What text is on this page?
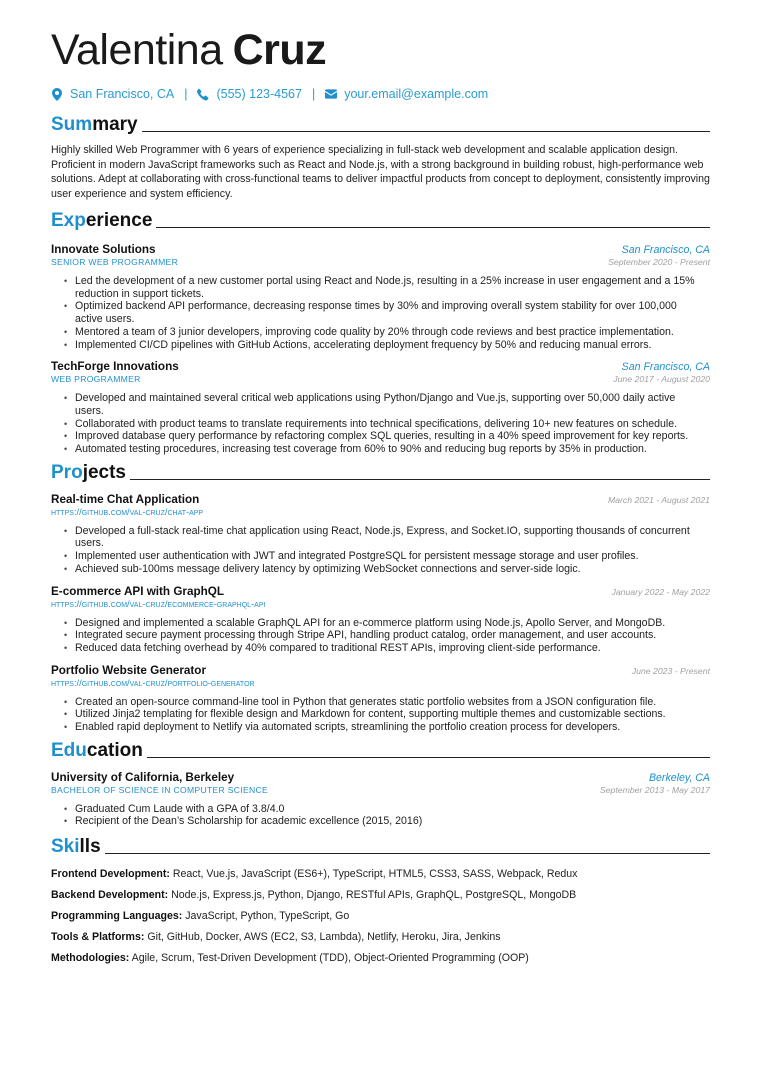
Valentina Cruz
San Francisco, CA | (555) 123-4567 | your.email@example.com
Summary
Highly skilled Web Programmer with 6 years of experience specializing in full-stack web development and scalable application design. Proficient in modern JavaScript frameworks such as React and Node.js, with a strong background in building robust, high-performance web solutions. Adept at collaborating with cross-functional teams to deliver impactful products from concept to deployment, consistently improving user experience and system efficiency.
Experience
Innovate Solutions	San Francisco, CA
SENIOR WEB PROGRAMMER	September 2020 - Present
• Led the development of a new customer portal using React and Node.js, resulting in a 25% increase in user engagement and a 15% reduction in support tickets.
• Optimized backend API performance, decreasing response times by 30% and improving overall system stability for over 100,000 active users.
• Mentored a team of 3 junior developers, improving code quality by 20% through code reviews and best practice implementation.
• Implemented CI/CD pipelines with GitHub Actions, accelerating deployment frequency by 50% and reducing manual errors.
TechForge Innovations	San Francisco, CA
WEB PROGRAMMER	June 2017 - August 2020
• Developed and maintained several critical web applications using Python/Django and Vue.js, supporting over 50,000 daily active users.
• Collaborated with product teams to translate requirements into technical specifications, delivering 10+ new features on schedule.
• Improved database query performance by refactoring complex SQL queries, resulting in a 40% speed improvement for key reports.
• Automated testing procedures, increasing test coverage from 60% to 90% and reducing bug reports by 35% in production.
Projects
Real-time Chat Application	March 2021 - August 2021
https://github.com/val-cruz/chat-app
• Developed a full-stack real-time chat application using React, Node.js, Express, and Socket.IO, supporting thousands of concurrent users.
• Implemented user authentication with JWT and integrated PostgreSQL for persistent message storage and user profiles.
• Achieved sub-100ms message delivery latency by optimizing WebSocket connections and server-side logic.
E-commerce API with GraphQL	January 2022 - May 2022
https://github.com/val-cruz/ecommerce-graphql-api
• Designed and implemented a scalable GraphQL API for an e-commerce platform using Node.js, Apollo Server, and MongoDB.
• Integrated secure payment processing through Stripe API, handling product catalog, order management, and user accounts.
• Reduced data fetching overhead by 40% compared to traditional REST APIs, improving client-side performance.
Portfolio Website Generator	June 2023 - Present
https://github.com/val-cruz/portfolio-generator
• Created an open-source command-line tool in Python that generates static portfolio websites from a JSON configuration file.
• Utilized Jinja2 templating for flexible design and Markdown for content, supporting multiple themes and customizable sections.
• Enabled rapid deployment to Netlify via automated scripts, streamlining the portfolio creation process for developers.
Education
University of California, Berkeley	Berkeley, CA
BACHELOR OF SCIENCE IN COMPUTER SCIENCE	September 2013 - May 2017
• Graduated Cum Laude with a GPA of 3.8/4.0
• Recipient of the Dean’s Scholarship for academic excellence (2015, 2016)
Skills
Frontend Development: React, Vue.js, JavaScript (ES6+), TypeScript, HTML5, CSS3, SASS, Webpack, Redux
Backend Development: Node.js, Express.js, Python, Django, RESTful APIs, GraphQL, PostgreSQL, MongoDB
Programming Languages: JavaScript, Python, TypeScript, Go
Tools & Platforms: Git, GitHub, Docker, AWS (EC2, S3, Lambda), Netlify, Heroku, Jira, Jenkins
Methodologies: Agile, Scrum, Test-Driven Development (TDD), Object-Oriented Programming (OOP)
